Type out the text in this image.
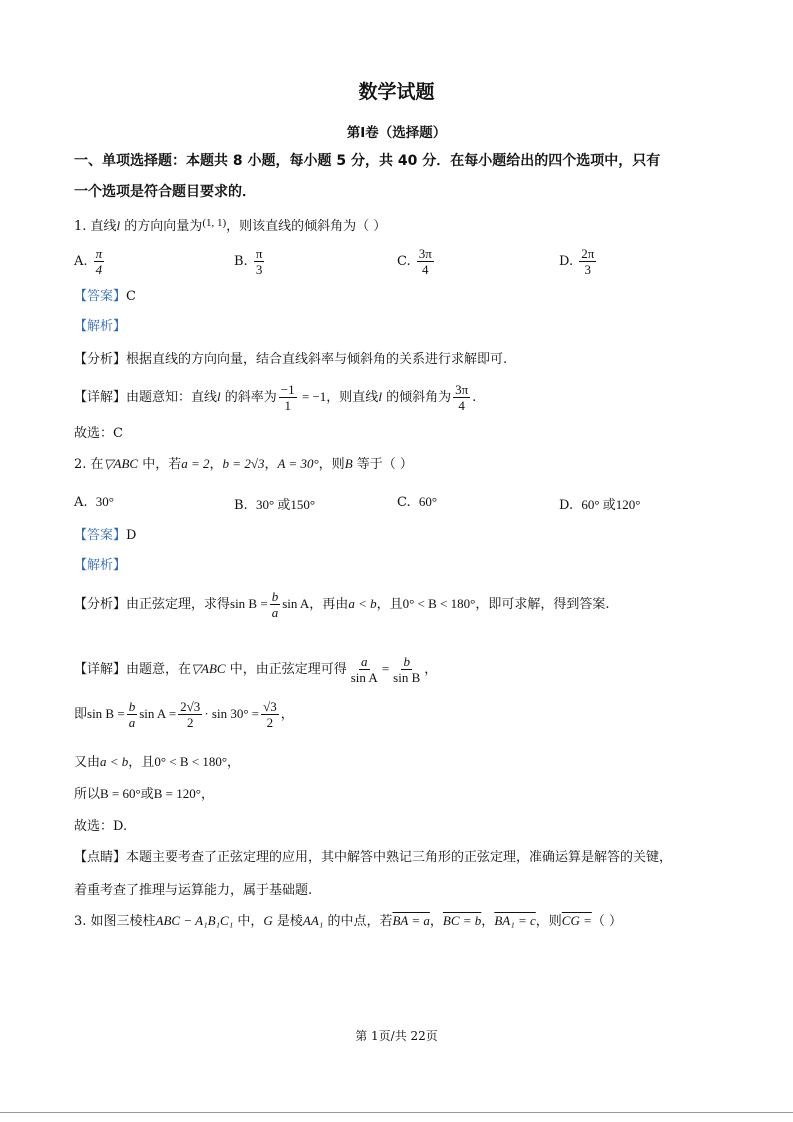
数学试题
第Ⅰ卷（选择题）
一、单项选择题：本题共 8 小题，每小题 5 分，共 40 分．在每小题给出的四个选项中，只有
一个选项是符合题目要求的．
1. 直线l 的方向向量为$^{(1, 1)}$，则该直线的倾斜角为（ ）
A. $\frac{\pi}{4}$	B. $\frac{\pi}{3}$	C. $\frac{3\pi}{4}$	D. $\frac{2\pi}{3}$
【答案】C
【解析】
【分析】根据直线的方向向量，结合直线斜率与倾斜角的关系进行求解即可.
【详解】由题意知：直线l 的斜率为 $\frac{-1}{1} = -1$，则直线l 的倾斜角为 $\frac{3\pi}{4}$ .
故选：C
2. 在▽ABC 中，若a = 2，b = 2√3，A = 30°，则B 等于（ ）
A. 30°	B. 30° 或150°	C. 60°	D. 60° 或120°
【答案】D
【解析】
【分析】由正弦定理，求得$\sin B = \frac{b}{a}$ sin A，再由a < b，且0° < B < 180°，即可求解，得到答案.
【详解】由题意，在▽ABC 中，由正弦定理可得 $\frac{a}{\text{sin A}} = \frac{b}{\text{sin B}}$ ，
即$\sin B = \frac{b}{a}$ $\sin A = \frac{2√3}{2} \cdot \sin 30^\circ = \frac{√3}{2}$ ，
又由a < b，且0° < B < 180°，
所以B = 60°或B = 120°，
故选：D.
【点睛】本题主要考查了正弦定理的应用，其中解答中熟记三角形的正弦定理，准确运算是解答的关键，
着重考查了推理与运算能力，属于基础题.
3. 如图三棱柱ABC − A₁B₁C₁ 中，G 是棱AA₁ 的中点，若BA = a，BC = b，BA₁ = c，则CG =（ ）
第 1页/共 22页
